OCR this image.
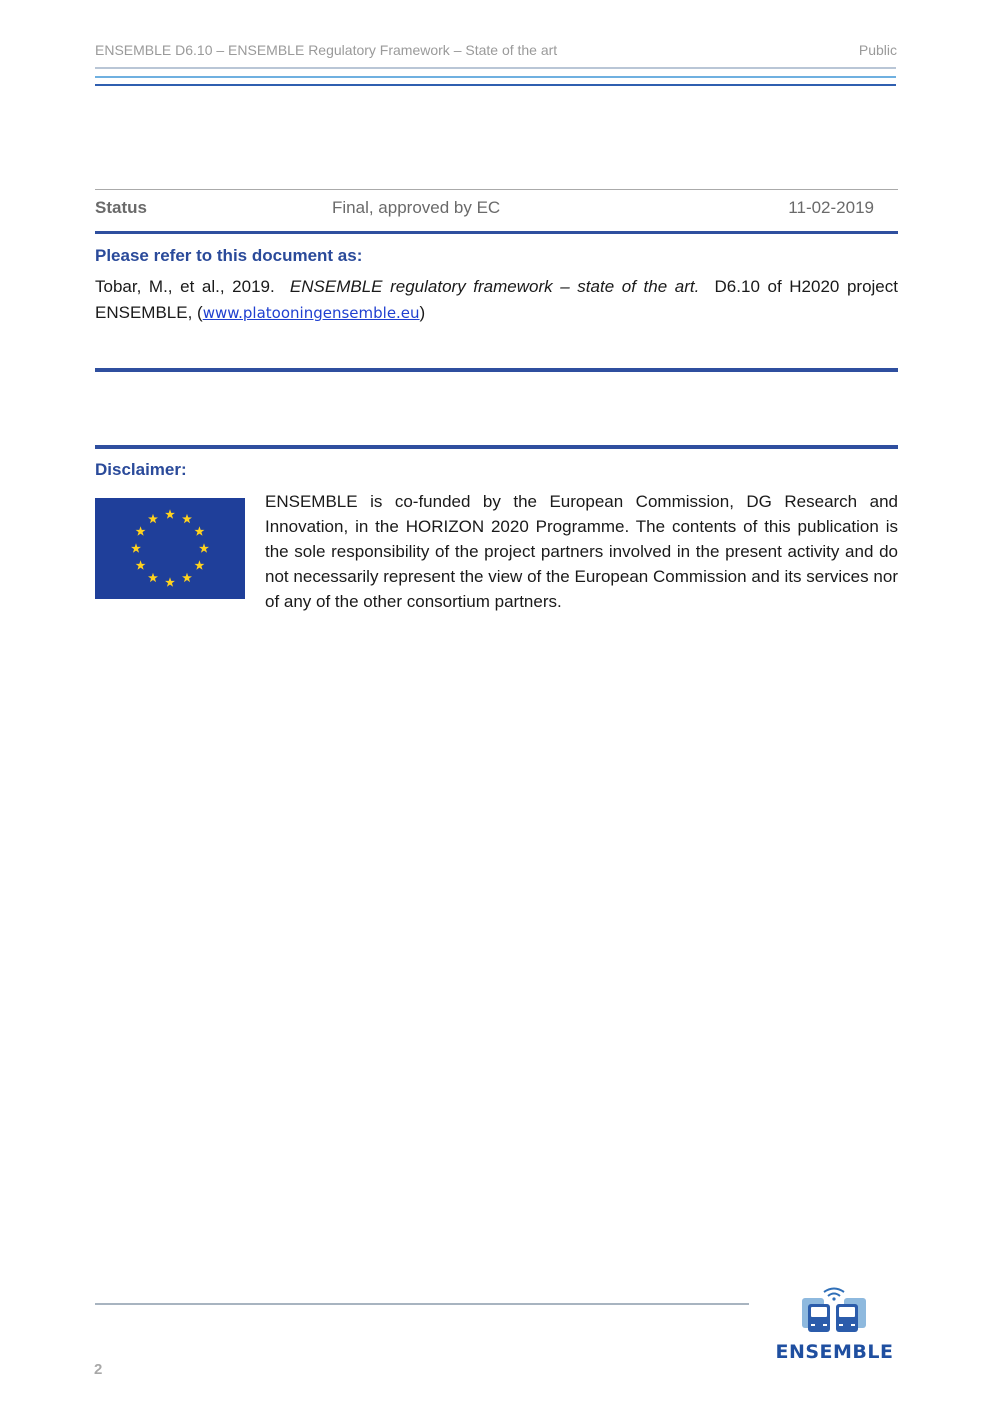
ENSEMBLE D6.10 – ENSEMBLE Regulatory Framework – State of the art	Public
Status	Final, approved by EC	11-02-2019
Please refer to this document as:
Tobar, M., et al., 2019. ENSEMBLE regulatory framework – state of the art. D6.10 of H2020 project ENSEMBLE, (www.platooningensemble.eu)
Disclaimer:
ENSEMBLE is co-funded by the European Commission, DG Research and Innovation, in the HORIZON 2020 Programme. The contents of this publication is the sole responsibility of the project partners involved in the present activity and do not necessarily represent the view of the European Commission and its services nor of any of the other consortium partners.
2
ENSEMBLE
